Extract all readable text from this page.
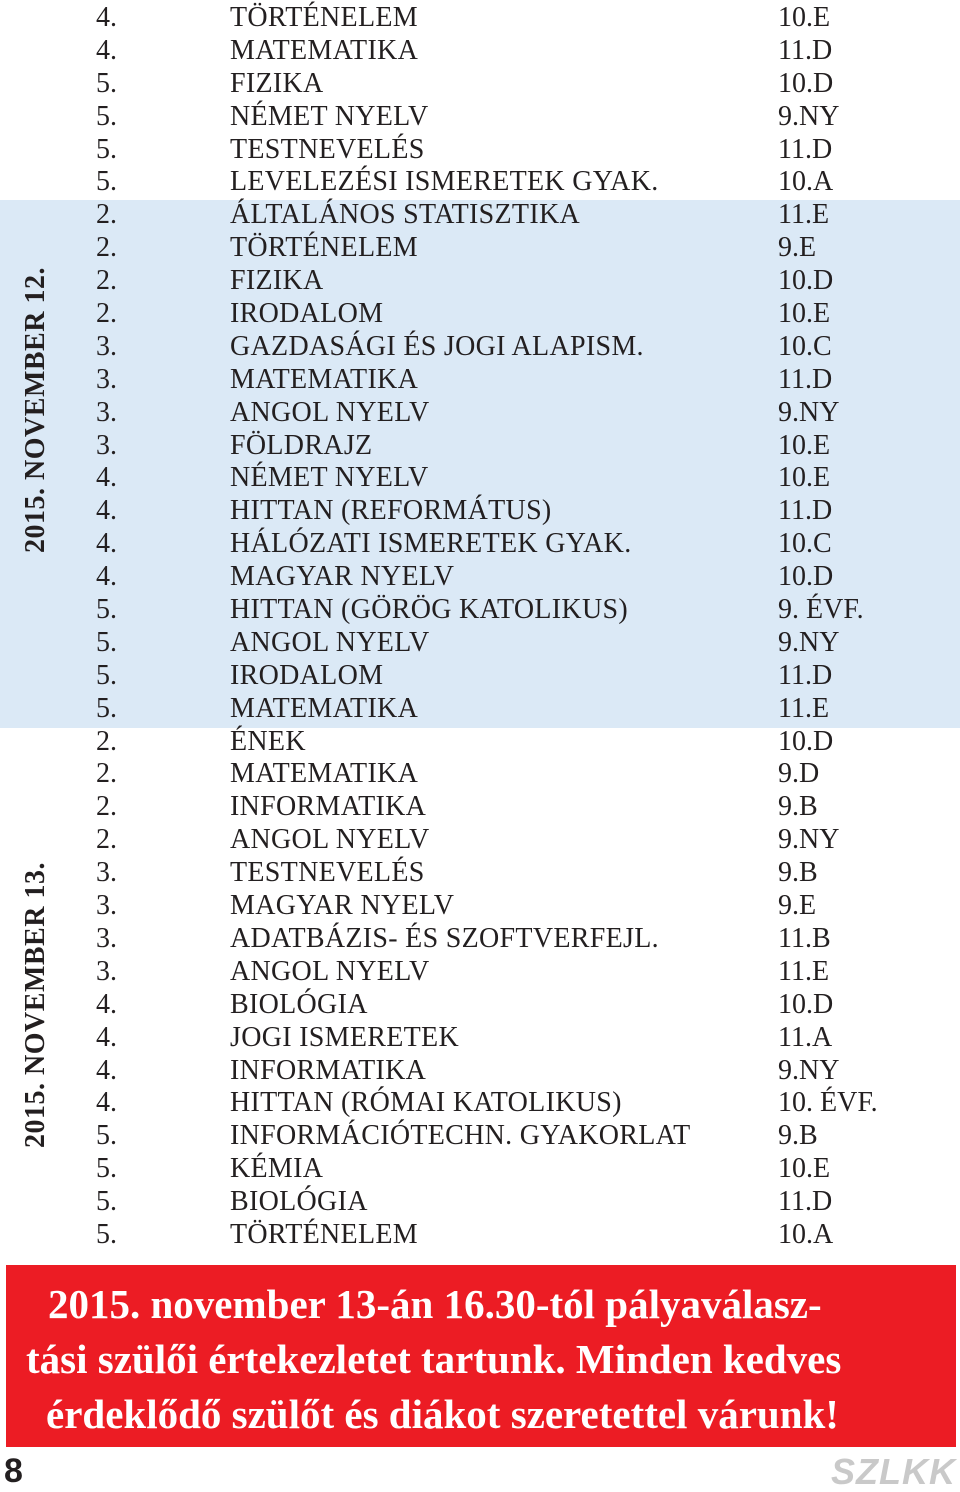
2015. NOVEMBER 12.
2015. NOVEMBER 13.
4.	TÖRTÉNELEM	10.E
4.	MATEMATIKA	11.D
5.	FIZIKA	10.D
5.	NÉMET NYELV	9.NY
5.	TESTNEVELÉS	11.D
5.	LEVELEZÉSI ISMERETEK GYAK.	10.A
2.	ÁLTALÁNOS STATISZTIKA	11.E
2.	TÖRTÉNELEM	9.E
2.	FIZIKA	10.D
2.	IRODALOM	10.E
3.	GAZDASÁGI ÉS JOGI ALAPISM.	10.C
3.	MATEMATIKA	11.D
3.	ANGOL NYELV	9.NY
3.	FÖLDRAJZ	10.E
4.	NÉMET NYELV	10.E
4.	HITTAN (REFORMÁTUS)	11.D
4.	HÁLÓZATI ISMERETEK GYAK.	10.C
4.	MAGYAR NYELV	10.D
5.	HITTAN (GÖRÖG KATOLIKUS)	9. ÉVF.
5.	ANGOL NYELV	9.NY
5.	IRODALOM	11.D
5.	MATEMATIKA	11.E
2.	ÉNEK	10.D
2.	MATEMATIKA	9.D
2.	INFORMATIKA	9.B
2.	ANGOL NYELV	9.NY
3.	TESTNEVELÉS	9.B
3.	MAGYAR NYELV	9.E
3.	ADATBÁZIS- ÉS SZOFTVERFEJL.	11.B
3.	ANGOL NYELV	11.E
4.	BIOLÓGIA	10.D
4.	JOGI ISMERETEK	11.A
4.	INFORMATIKA	9.NY
4.	HITTAN (RÓMAI KATOLIKUS)	10. ÉVF.
5.	INFORMÁCIÓTECHN. GYAKORLAT	9.B
5.	KÉMIA	10.E
5.	BIOLÓGIA	11.D
5.	TÖRTÉNELEM	10.A
2015. november 13-án 16.30-tól pályaválasz-
tási szülői értekezletet tartunk. Minden kedves
érdeklődő szülőt és diákot szeretettel várunk!
8	SZLKK
